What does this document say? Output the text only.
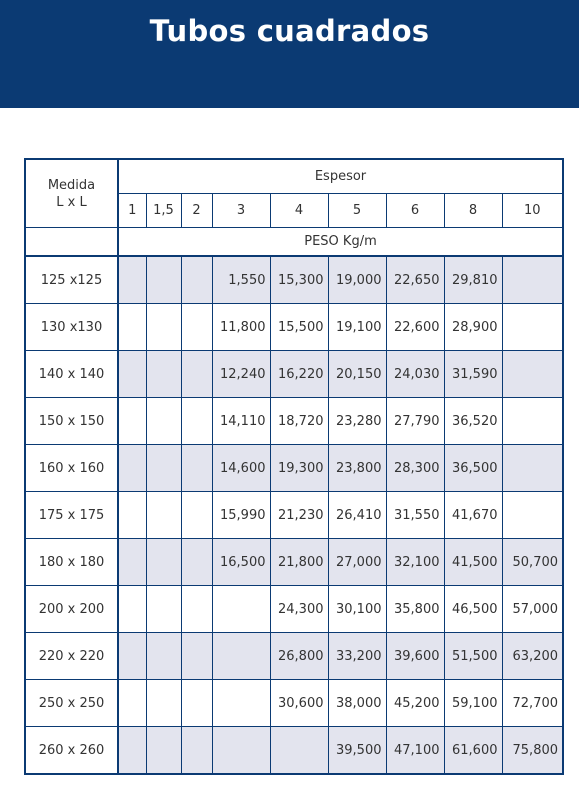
Tubos cuadrados
Medida
L x L	Espesor								
	1	1,5	2	3	4	5	6	8	10
	PESO Kg/m								
125 x125				1,550	15,300	19,000	22,650	29,810	
130 x130				11,800	15,500	19,100	22,600	28,900	
140 x 140				12,240	16,220	20,150	24,030	31,590	
150 x 150				14,110	18,720	23,280	27,790	36,520	
160 x 160				14,600	19,300	23,800	28,300	36,500	
175 x 175				15,990	21,230	26,410	31,550	41,670	
180 x 180				16,500	21,800	27,000	32,100	41,500	50,700
200 x 200					24,300	30,100	35,800	46,500	57,000
220 x 220					26,800	33,200	39,600	51,500	63,200
250 x 250					30,600	38,000	45,200	59,100	72,700
260 x 260						39,500	47,100	61,600	75,800
